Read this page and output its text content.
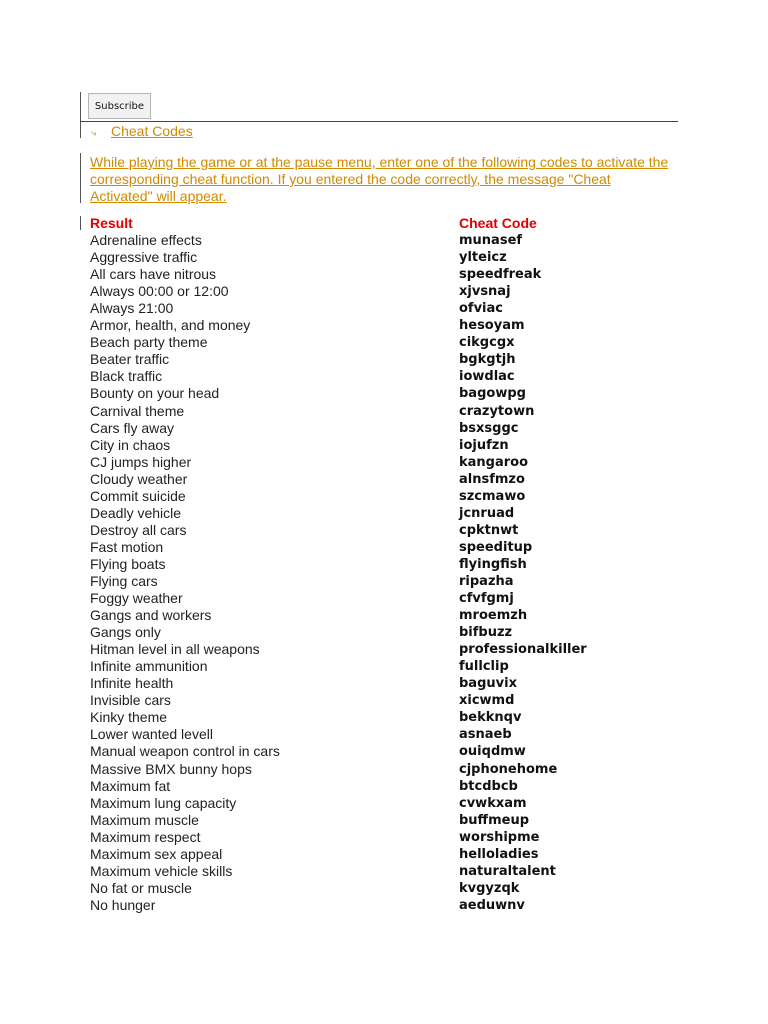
Subscribe
⤷ Cheat Codes
While playing the game or at the pause menu, enter one of the following codes to activate the corresponding cheat function. If you entered the code correctly, the message "Cheat Activated" will appear.
Result	Cheat Code
Adrenaline effects	munasef
Aggressive traffic	ylteicz
All cars have nitrous	speedfreak
Always 00:00 or 12:00	xjvsnaj
Always 21:00	ofviac
Armor, health, and money	hesoyam
Beach party theme	cikgcgx
Beater traffic	bgkgtjh
Black traffic	iowdlac
Bounty on your head	bagowpg
Carnival theme	crazytown
Cars fly away	bsxsggc
City in chaos	iojufzn
CJ jumps higher	kangaroo
Cloudy weather	alnsfmzo
Commit suicide	szcmawo
Deadly vehicle	jcnruad
Destroy all cars	cpktnwt
Fast motion	speeditup
Flying boats	flyingfish
Flying cars	ripazha
Foggy weather	cfvfgmj
Gangs and workers	mroemzh
Gangs only	bifbuzz
Hitman level in all weapons	professionalkiller
Infinite ammunition	fullclip
Infinite health	baguvix
Invisible cars	xicwmd
Kinky theme	bekknqv
Lower wanted levell	asnaeb
Manual weapon control in cars	ouiqdmw
Massive BMX bunny hops	cjphonehome
Maximum fat	btcdbcb
Maximum lung capacity	cvwkxam
Maximum muscle	buffmeup
Maximum respect	worshipme
Maximum sex appeal	helloladies
Maximum vehicle skills	naturaltalent
No fat or muscle	kvgyzqk
No hunger	aeduwnv
